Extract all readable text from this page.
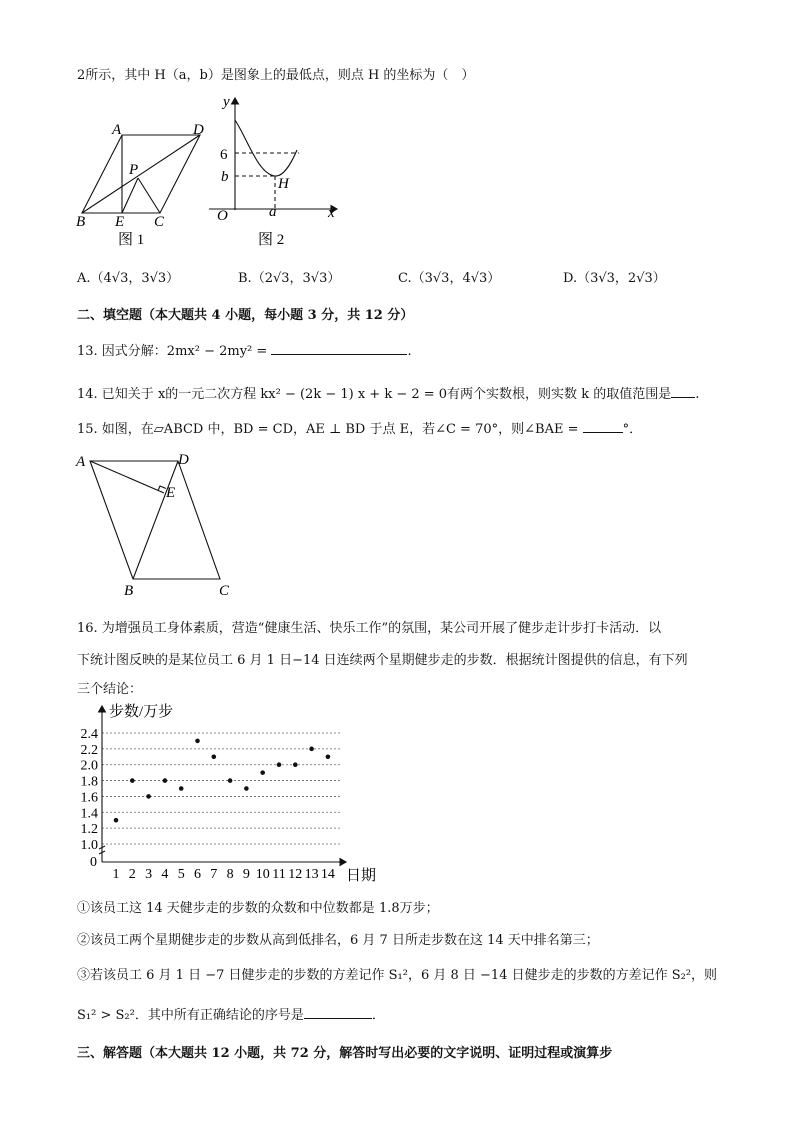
2所示，其中 H（a，b）是图象上的最低点，则点 H 的坐标为（　）
A	D
P
B E C
图 1
y
x
O
6
b	H
a
图 2
A.（4√3，3√3）	B.（2√3，3√3）	C.（3√3，4√3）	D.（3√3，2√3）
二、填空题（本大题共 4 小题，每小题 3 分，共 12 分）
13. 因式分解：2mx² − 2my² =	.
14. 已知关于 x的一元二次方程 kx² − (2k − 1) x + k − 2 = 0有两个实数根，则实数 k 的取值范围是 .
15. 如图，在▱ABCD 中，BD = CD，AE ⊥ BD 于点 E，若∠C = 70°，则∠BAE =	°．
A	D
E
B	C
16. 为增强员工身体素质，营造“健康生活、快乐工作”的氛围，某公司开展了健步走计步打卡活动．以
下统计图反映的是某位员工 6 月 1 日−14 日连续两个星期健步走的步数．根据统计图提供的信息，有下列
三个结论：
步数/万步
日期
0
1.0
1.2
1.4
1.6
1.8
2.0
2.2
2.4
1 2 3 4 5 6 7 8 9 10 11 12 13 14
①该员工这 14 天健步走的步数的众数和中位数都是 1.8万步；
②该员工两个星期健步走的步数从高到低排名，6 月 7 日所走步数在这 14 天中排名第三；
③若该员工 6 月 1 日 −7 日健步走的步数的方差记作 S₁²，6 月 8 日 −14 日健步走的步数的方差记作 S₂²，则
S₁² > S₂²．其中所有正确结论的序号是	．
三、解答题（本大题共 12 小题，共 72 分，解答时写出必要的文字说明、证明过程或演算步
